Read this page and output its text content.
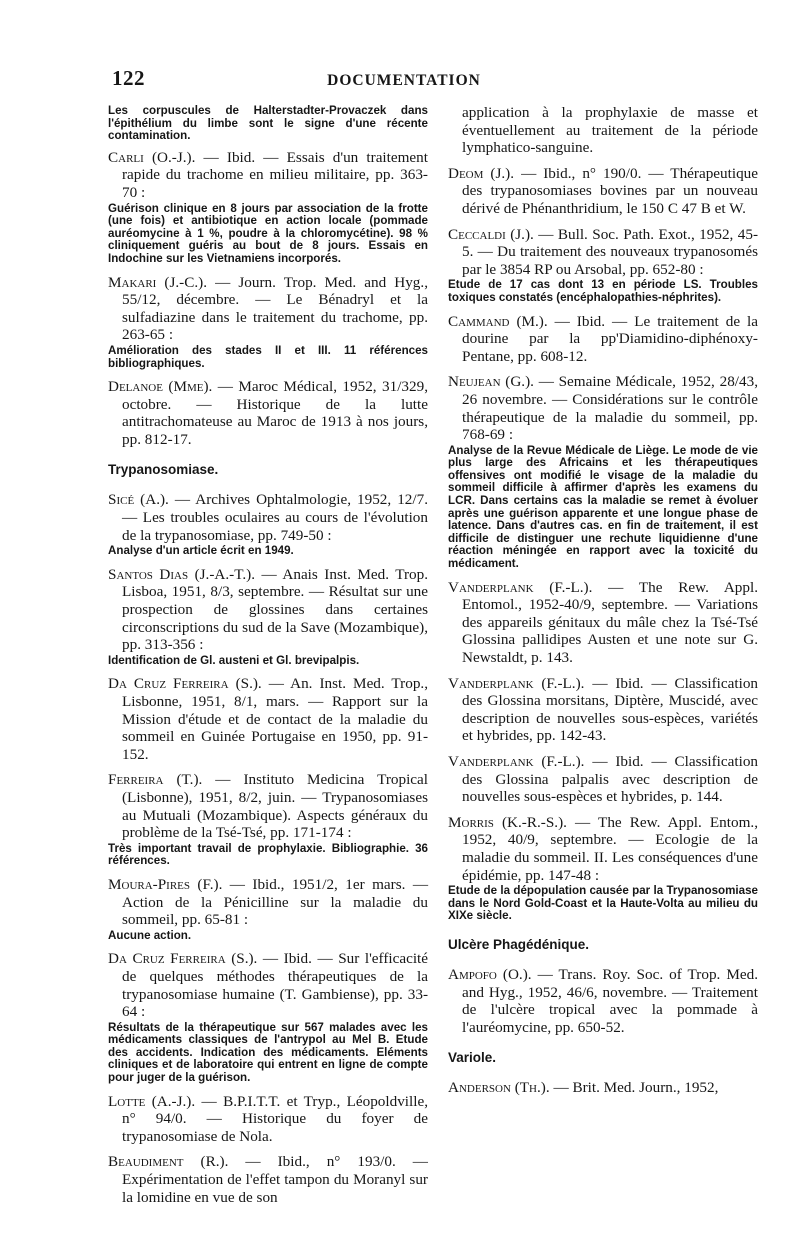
122	DOCUMENTATION

Les corpuscules de Halterstadter-Provaczek dans l'épithélium du limbe sont le signe d'une récente contamination.

Carli (O.-J.). — Ibid. — Essais d'un traitement rapide du trachome en milieu militaire, pp. 363-70 :

Guérison clinique en 8 jours par association de la frotte (une fois) et antibiotique en action locale (pommade auréomycine à 1 %, poudre à la chloromycétine). 98 % cliniquement guéris au bout de 8 jours. Essais en Indochine sur les Vietnamiens incorporés.

Makari (J.-C.). — Journ. Trop. Med. and Hyg., 55/12, décembre. — Le Bénadryl et la sulfadiazine dans le traitement du trachome, pp. 263-65 :

Amélioration des stades II et III. 11 références bibliographiques.

Delanoe (Mme). — Maroc Médical, 1952, 31/329, octobre. — Historique de la lutte antitrachomateuse au Maroc de 1913 à nos jours, pp. 812-17.

Trypanosomiase.

Sicé (A.). — Archives Ophtalmologie, 1952, 12/7. — Les troubles oculaires au cours de l'évolution de la trypanosomiase, pp. 749-50 :

Analyse d'un article écrit en 1949.

Santos Dias (J.-A.-T.). — Anais Inst. Med. Trop. Lisboa, 1951, 8/3, septembre. — Résultat sur une prospection de glossines dans certaines circonscriptions du sud de la Save (Mozambique), pp. 313-356 :

Identification de Gl. austeni et Gl. brevipalpis.

Da Cruz Ferreira (S.). — An. Inst. Med. Trop., Lisbonne, 1951, 8/1, mars. — Rapport sur la Mission d'étude et de contact de la maladie du sommeil en Guinée Portugaise en 1950, pp. 91-152.

Ferreira (T.). — Instituto Medicina Tropical (Lisbonne), 1951, 8/2, juin. — Trypanosomiases au Mutuali (Mozambique). Aspects généraux du problème de la Tsé-Tsé, pp. 171-174 :

Très important travail de prophylaxie. Bibliographie. 36 références.

Moura-Pires (F.). — Ibid., 1951/2, 1er mars. — Action de la Pénicilline sur la maladie du sommeil, pp. 65-81 :

Aucune action.

Da Cruz Ferreira (S.). — Ibid. — Sur l'efficacité de quelques méthodes thérapeutiques de la trypanosomiase humaine (T. Gambiense), pp. 33-64 :

Résultats de la thérapeutique sur 567 malades avec les médicaments classiques de l'antrypol au Mel B. Etude des accidents. Indication des médicaments. Eléments cliniques et de laboratoire qui entrent en ligne de compte pour juger de la guérison.

Lotte (A.-J.). — B.P.I.T.T. et Tryp., Léopoldville, n° 94/0. — Historique du foyer de trypanosomiase de Nola.

Beaudiment (R.). — Ibid., n° 193/0. — Expérimentation de l'effet tampon du Moranyl sur la lomidine en vue de son

application à la prophylaxie de masse et éventuellement au traitement de la période lymphatico-sanguine.

Deom (J.). — Ibid., n° 190/0. — Thérapeutique des trypanosomiases bovines par un nouveau dérivé de Phénanthridium, le 150 C 47 B et W.

Ceccaldi (J.). — Bull. Soc. Path. Exot., 1952, 45-5. — Du traitement des nouveaux trypanosomés par le 3854 RP ou Arsobal, pp. 652-80 :

Etude de 17 cas dont 13 en période LS. Troubles toxiques constatés (encéphalopathies-néphrites).

Cammand (M.). — Ibid. — Le traitement de la dourine par la pp'Diamidino-diphénoxy-Pentane, pp. 608-12.

Neujean (G.). — Semaine Médicale, 1952, 28/43, 26 novembre. — Considérations sur le contrôle thérapeutique de la maladie du sommeil, pp. 768-69 :

Analyse de la Revue Médicale de Liège. Le mode de vie plus large des Africains et les thérapeutiques offensives ont modifié le visage de la maladie du sommeil difficile à affirmer d'après les examens du LCR. Dans certains cas la maladie se remet à évoluer après une guérison apparente et une longue phase de latence. Dans d'autres cas. en fin de traitement, il est difficile de distinguer une rechute liquidienne d'une réaction méningée en rapport avec la toxicité du médicament.

Vanderplank (F.-L.). — The Rew. Appl. Entomol., 1952-40/9, septembre. — Variations des appareils génitaux du mâle chez la Tsé-Tsé Glossina pallidipes Austen et une note sur G. Newstaldt, p. 143.

Vanderplank (F.-L.). — Ibid. — Classification des Glossina morsitans, Diptère, Muscidé, avec description de nouvelles sous-espèces, variétés et hybrides, pp. 142-43.

Vanderplank (F.-L.). — Ibid. — Classification des Glossina palpalis avec description de nouvelles sous-espèces et hybrides, p. 144.

Morris (K.-R.-S.). — The Rew. Appl. Entom., 1952, 40/9, septembre. — Ecologie de la maladie du sommeil. II. Les conséquences d'une épidémie, pp. 147-48 :

Etude de la dépopulation causée par la Trypanosomiase dans le Nord Gold-Coast et la Haute-Volta au milieu du XIXe siècle.

Ulcère Phagédénique.

Ampofo (O.). — Trans. Roy. Soc. of Trop. Med. and Hyg., 1952, 46/6, novembre. — Traitement de l'ulcère tropical avec la pommade à l'auréomycine, pp. 650-52.

Variole.

Anderson (Th.). — Brit. Med. Journ., 1952,
